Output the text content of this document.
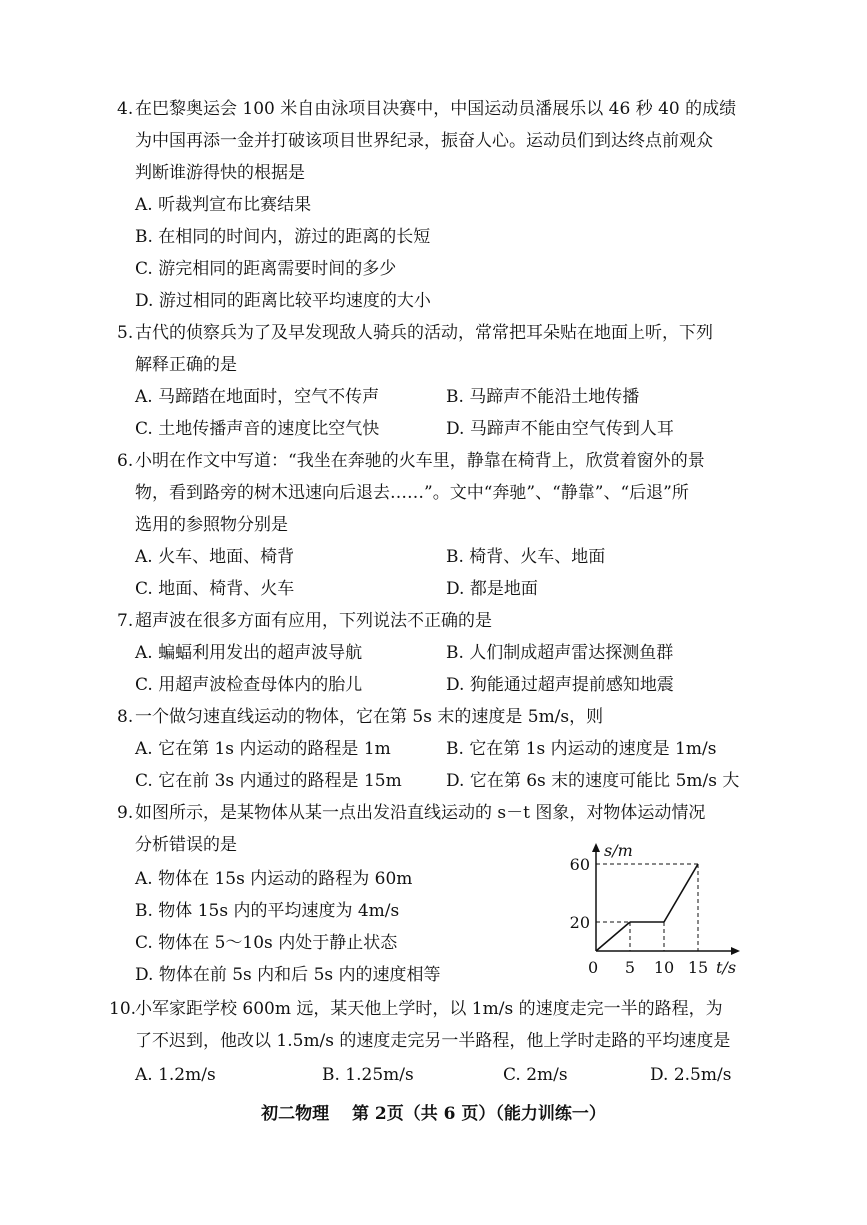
4. 在巴黎奥运会 100 米自由泳项目决赛中，中国运动员潘展乐以 46 秒 40 的成绩
为中国再添一金并打破该项目世界纪录，振奋人心。运动员们到达终点前观众
判断谁游得快的根据是
A. 听裁判宣布比赛结果
B. 在相同的时间内，游过的距离的长短
C. 游完相同的距离需要时间的多少
D. 游过相同的距离比较平均速度的大小
5. 古代的侦察兵为了及早发现敌人骑兵的活动，常常把耳朵贴在地面上听，下列
解释正确的是
A. 马蹄踏在地面时，空气不传声	B. 马蹄声不能沿土地传播
C. 土地传播声音的速度比空气快	D. 马蹄声不能由空气传到人耳
6. 小明在作文中写道：“我坐在奔驰的火车里，静靠在椅背上，欣赏着窗外的景
物，看到路旁的树木迅速向后退去……”。文中“奔驰”、“静靠”、“后退”所
选用的参照物分别是
A. 火车、地面、椅背	B. 椅背、火车、地面
C. 地面、椅背、火车	D. 都是地面
7. 超声波在很多方面有应用，下列说法不正确的是
A. 蝙蝠利用发出的超声波导航	B. 人们制成超声雷达探测鱼群
C. 用超声波检查母体内的胎儿	D. 狗能通过超声提前感知地震
8. 一个做匀速直线运动的物体，它在第 5s 末的速度是 5m/s，则
A. 它在第 1s 内运动的路程是 1m	B. 它在第 1s 内运动的速度是 1m/s
C. 它在前 3s 内通过的路程是 15m	D. 它在第 6s 末的速度可能比 5m/s 大
9. 如图所示，是某物体从某一点出发沿直线运动的 s－t 图象，对物体运动情况
分析错误的是
A. 物体在 15s 内运动的路程为 60m
B. 物体 15s 内的平均速度为 4m/s
C. 物体在 5～10s 内处于静止状态
D. 物体在前 5s 内和后 5s 内的速度相等
s/m
t/s
0 5 10 15
20
60
10.
小军家距学校 600m 远，某天他上学时，以 1m/s 的速度走完一半的路程，为
了不迟到，他改以 1.5m/s 的速度走完另一半路程，他上学时走路的平均速度是
A. 1.2m/s	B. 1.25m/s	C. 2m/s	D. 2.5m/s
初二物理　 第 2页（共 6 页）（能力训练一）
